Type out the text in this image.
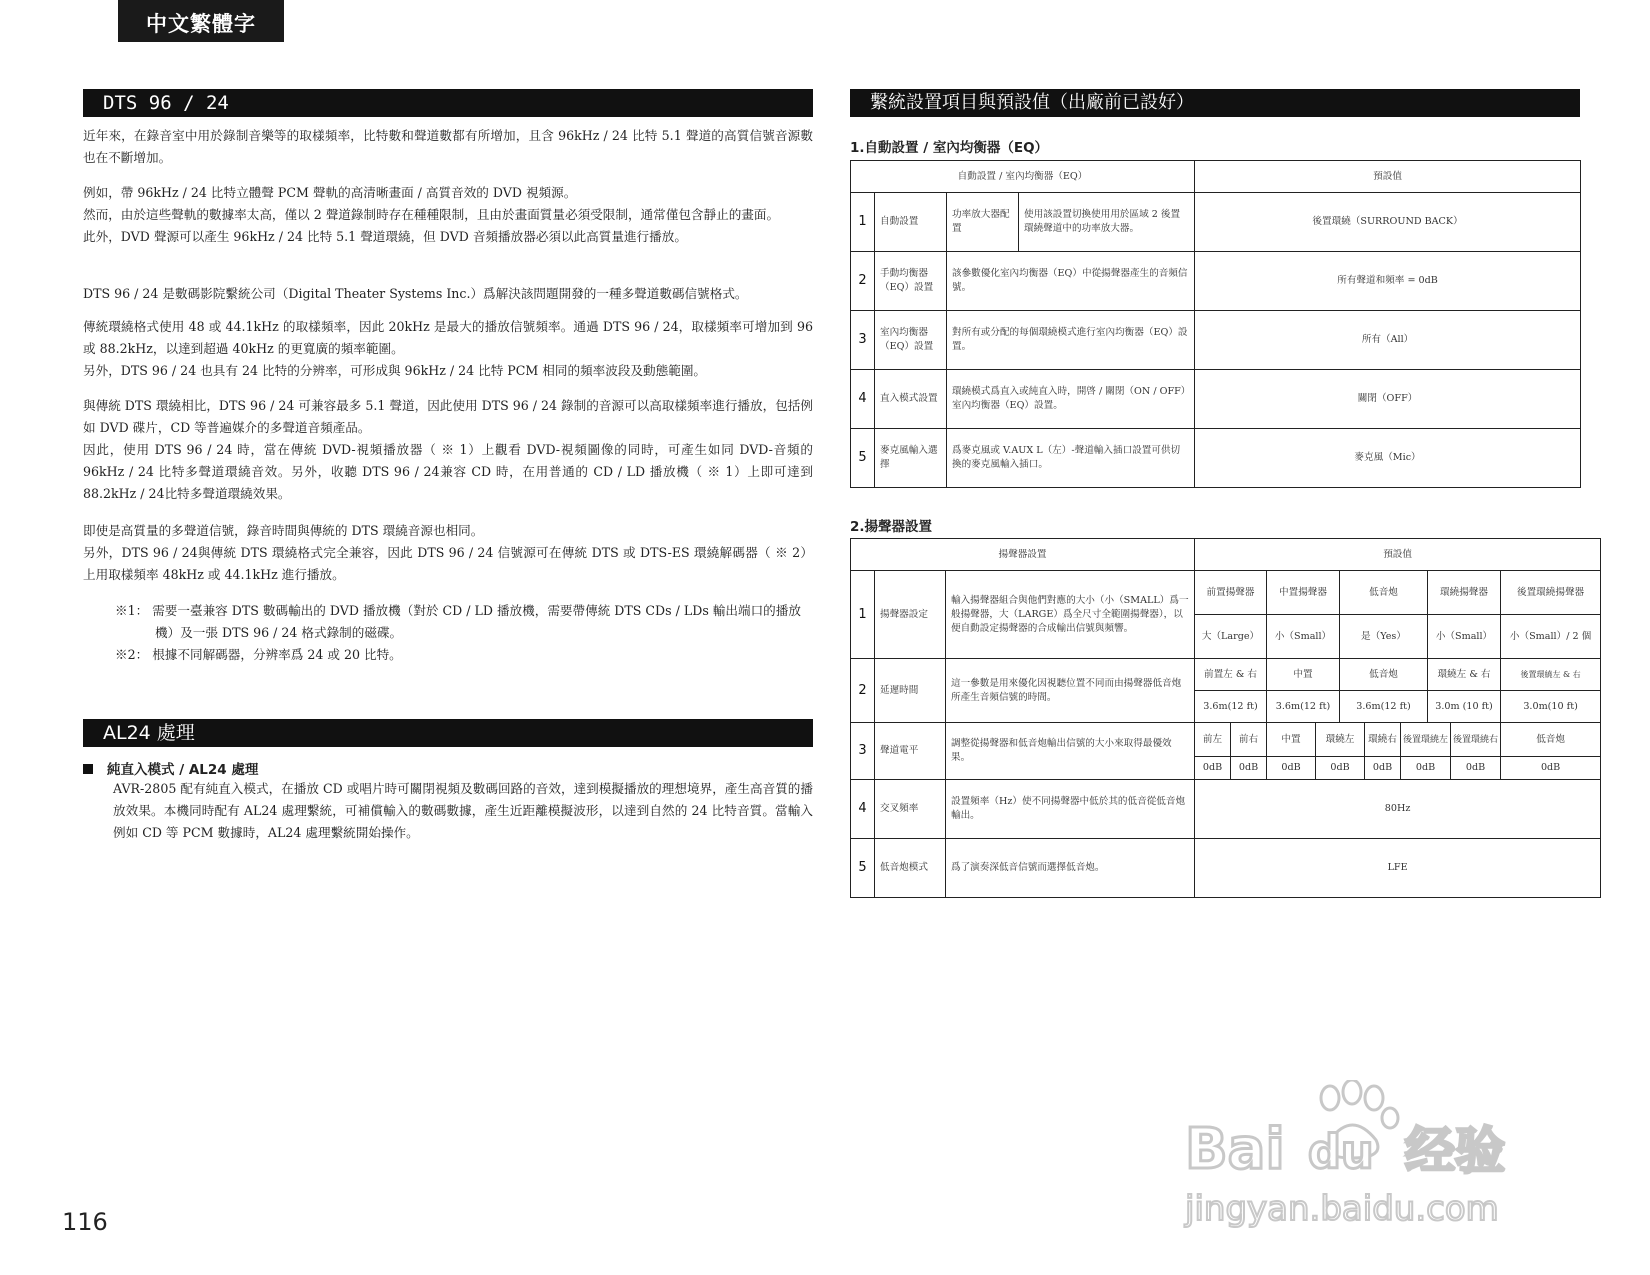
中文繁體字
DTS 96 / 24

近年來，在錄音室中用於錄制音樂等的取樣頻率，比特數和聲道數都有所增加，且含 96kHz / 24 比特 5.1 聲道的高質信號音源數也在不斷增加。

例如，帶 96kHz / 24 比特立體聲 PCM 聲軌的高清晰畫面 / 高質音效的 DVD 視頻源。

然而，由於這些聲軌的數據率太高，僅以 2 聲道錄制時存在種種限制，且由於畫面質量必須受限制，通常僅包含靜止的畫面。

此外，DVD 聲源可以產生 96kHz / 24 比特 5.1 聲道環繞，但 DVD 音頻播放器必須以此高質量進行播放。

DTS 96 / 24 是數碼影院繫統公司（Digital Theater Systems Inc.）爲解決該問題開發的一種多聲道數碼信號格式。

傳統環繞格式使用 48 或 44.1kHz 的取樣頻率，因此 20kHz 是最大的播放信號頻率。通過 DTS 96 / 24，取樣頻率可增加到 96 或 88.2kHz，以達到超過 40kHz 的更寬廣的頻率範圍。

另外，DTS 96 / 24 也具有 24 比特的分辨率，可形成與 96kHz / 24 比特 PCM 相同的頻率波段及動態範圍。

與傳統 DTS 環繞相比，DTS 96 / 24 可兼容最多 5.1 聲道，因此使用 DTS 96 / 24 錄制的音源可以高取樣頻率進行播放，包括例如 DVD 碟片，CD 等普遍媒介的多聲道音頻產品。

因此，使用 DTS 96 / 24 時，當在傳統 DVD-視頻播放器（ ※ 1）上觀看 DVD-視頻圖像的同時，可產生如同 DVD-音頻的 96kHz / 24 比特多聲道環繞音效。另外，收聽 DTS 96 / 24兼容 CD 時，在用普通的 CD / LD 播放機（ ※ 1）上即可達到 88.2kHz / 24比特多聲道環繞效果。

即使是高質量的多聲道信號，錄音時間與傳統的 DTS 環繞音源也相同。

另外，DTS 96 / 24與傳統 DTS 環繞格式完全兼容，因此 DTS 96 / 24 信號源可在傳統 DTS 或 DTS-ES 環繞解碼器（ ※ 2）上用取樣頻率 48kHz 或 44.1kHz 進行播放。

※1： 需要一臺兼容 DTS 數碼輸出的 DVD 播放機（對於 CD / LD 播放機，需要帶傳統 DTS CDs / LDs 輸出端口的播放機）及一張 DTS 96 / 24 格式錄制的磁碟。

※2： 根據不同解碼器，分辨率爲 24 或 20 比特。

AL24 處理
純直入模式 / AL24 處理

AVR-2805 配有純直入模式，在播放 CD 或唱片時可關閉視頻及數碼回路的音效，達到模擬播放的理想境界，產生高音質的播放效果。本機同時配有 AL24 處理繫統，可補償輸入的數碼數據，產生近距離模擬波形，以達到自然的 24 比特音質。當輸入例如 CD 等 PCM 數據時，AL24 處理繫統開始操作。

116
繫統設置項目與預設值（出廠前已設好）
1.自動設置 / 室內均衡器（EQ）
自動設置 / 室內均衡器（EQ）				預設值
1	自動設置	功率放大器配置	使用該設置切換使用用於區域 2 後置環繞聲道中的功率放大器。	後置環繞（SURROUND BACK）
2	手動均衡器（EQ）設置	該參數優化室內均衡器（EQ）中從揚聲器產生的音頻信號。		所有聲道和頻率 = 0dB
3	室內均衡器（EQ）設置	對所有或分配的每個環繞模式進行室內均衡器（EQ）設置。		所有（All）
4	直入模式設置	環繞模式爲直入或純直入時，開啓 / 關閉（ON / OFF）室內均衡器（EQ）設置。		關閉（OFF）
5	麥克風輸入選擇	爲麥克風或 V.AUX L（左）-聲道輸入插口設置可供切換的麥克風輸入插口。		麥克風（Mic）
2.揚聲器設置
揚聲器設置			預設值									
1	揚聲器設定	輸入揚聲器組合與他們對應的大小（小（SMALL）爲一般揚聲器，大（LARGE）爲全尺寸全範圍揚聲器），以便自動設定揚聲器的合成輸出信號與頻響。	前置揚聲器		中置揚聲器		低音炮			環繞揚聲器		後置環繞揚聲器
			大（Large）		小（Small）		是（Yes）			小（Small）		小（Small）/ 2 個
2	延遲時間	這一參數是用來優化因視聽位置不同而由揚聲器低音炮所產生音頻信號的時間。	前置左 & 右		中置		低音炮			環繞左 & 右		後置環繞左 & 右
			3.6m(12 ft)		3.6m(12 ft)		3.6m(12 ft)			3.0m (10 ft)		3.0m(10 ft)
3	聲道電平	調整從揚聲器和低音炮輸出信號的大小來取得最優效果。	前左	前右	中置	環繞左		環繞右	後置環繞左		後置環繞右	低音炮
			0dB	0dB	0dB	0dB		0dB	0dB		0dB	0dB
4	交叉頻率	設置頻率（Hz）使不同揚聲器中低於其的低音從低音炮輸出。	80Hz									
5	低音炮模式	爲了演奏深低音信號而選擇低音炮。	LFE									
Bai du 经验
jingyan.baidu.com
